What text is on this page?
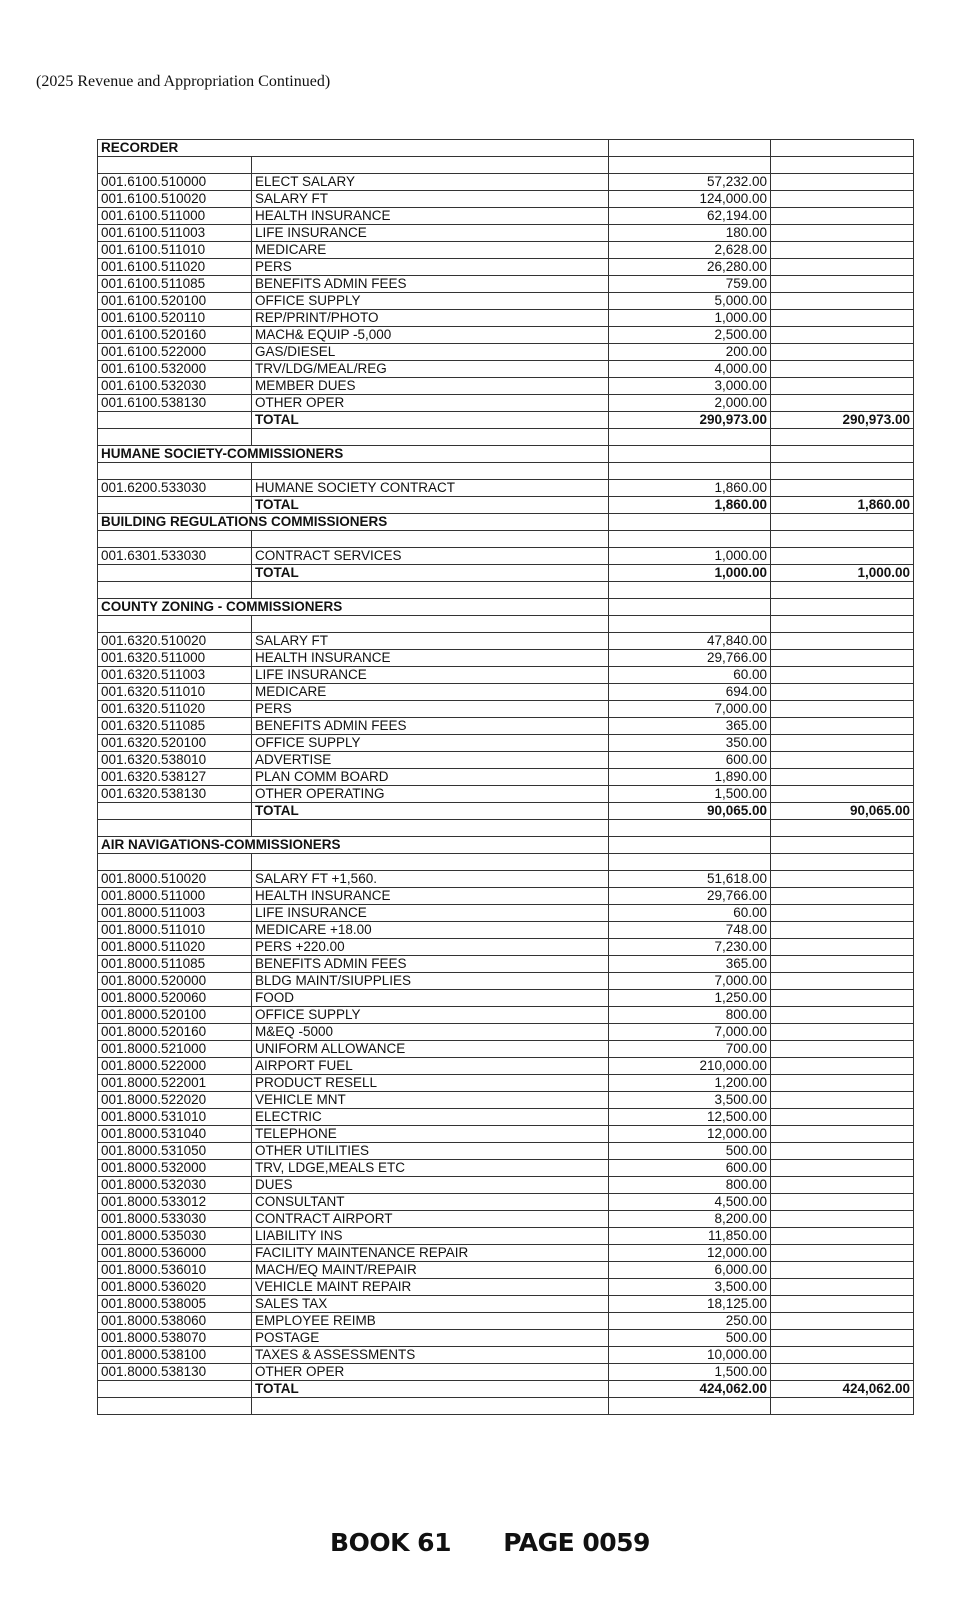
(2025 Revenue and Appropriation Continued)
RECORDER			

001.6100.510000	ELECT SALARY	57,232.00	
001.6100.510020	SALARY FT	124,000.00	
001.6100.511000	HEALTH INSURANCE	62,194.00	
001.6100.511003	LIFE INSURANCE	180.00	
001.6100.511010	MEDICARE	2,628.00	
001.6100.511020	PERS	26,280.00	
001.6100.511085	BENEFITS ADMIN FEES	759.00	
001.6100.520100	OFFICE SUPPLY	5,000.00	
001.6100.520110	REP/PRINT/PHOTO	1,000.00	
001.6100.520160	MACH& EQUIP -5,000	2,500.00	
001.6100.522000	GAS/DIESEL	200.00	
001.6100.532000	TRV/LDG/MEAL/REG	4,000.00	
001.6100.532030	MEMBER DUES	3,000.00	
001.6100.538130	OTHER OPER	2,000.00	
	TOTAL	290,973.00	290,973.00

HUMANE SOCIETY-COMMISSIONERS			

001.6200.533030	HUMANE SOCIETY CONTRACT	1,860.00	
	TOTAL	1,860.00	1,860.00
BUILDING REGULATIONS COMMISSIONERS			

001.6301.533030	CONTRACT SERVICES	1,000.00	
	TOTAL	1,000.00	1,000.00

COUNTY ZONING - COMMISSIONERS			

001.6320.510020	SALARY FT	47,840.00	
001.6320.511000	HEALTH INSURANCE	29,766.00	
001.6320.511003	LIFE INSURANCE	60.00	
001.6320.511010	MEDICARE	694.00	
001.6320.511020	PERS	7,000.00	
001.6320.511085	BENEFITS ADMIN FEES	365.00	
001.6320.520100	OFFICE SUPPLY	350.00	
001.6320.538010	ADVERTISE	600.00	
001.6320.538127	PLAN COMM BOARD	1,890.00	
001.6320.538130	OTHER OPERATING	1,500.00	
	TOTAL	90,065.00	90,065.00

AIR NAVIGATIONS-COMMISSIONERS			

001.8000.510020	SALARY FT +1,560.	51,618.00	
001.8000.511000	HEALTH INSURANCE	29,766.00	
001.8000.511003	LIFE INSURANCE	60.00	
001.8000.511010	MEDICARE +18.00	748.00	
001.8000.511020	PERS +220.00	7,230.00	
001.8000.511085	BENEFITS ADMIN FEES	365.00	
001.8000.520000	BLDG MAINT/SIUPPLIES	7,000.00	
001.8000.520060	FOOD	1,250.00	
001.8000.520100	OFFICE SUPPLY	800.00	
001.8000.520160	M&EQ -5000	7,000.00	
001.8000.521000	UNIFORM ALLOWANCE	700.00	
001.8000.522000	AIRPORT FUEL	210,000.00	
001.8000.522001	PRODUCT RESELL	1,200.00	
001.8000.522020	VEHICLE MNT	3,500.00	
001.8000.531010	ELECTRIC	12,500.00	
001.8000.531040	TELEPHONE	12,000.00	
001.8000.531050	OTHER UTILITIES	500.00	
001.8000.532000	TRV, LDGE,MEALS ETC	600.00	
001.8000.532030	DUES	800.00	
001.8000.533012	CONSULTANT	4,500.00	
001.8000.533030	CONTRACT AIRPORT	8,200.00	
001.8000.535030	LIABILITY INS	11,850.00	
001.8000.536000	FACILITY MAINTENANCE REPAIR	12,000.00	
001.8000.536010	MACH/EQ MAINT/REPAIR	6,000.00	
001.8000.536020	VEHICLE MAINT REPAIR	3,500.00	
001.8000.538005	SALES TAX	18,125.00	
001.8000.538060	EMPLOYEE REIMB	250.00	
001.8000.538070	POSTAGE	500.00	
001.8000.538100	TAXES & ASSESSMENTS	10,000.00	
001.8000.538130	OTHER OPER	1,500.00	
	TOTAL	424,062.00	424,062.00

BOOK 61 PAGE 0059
